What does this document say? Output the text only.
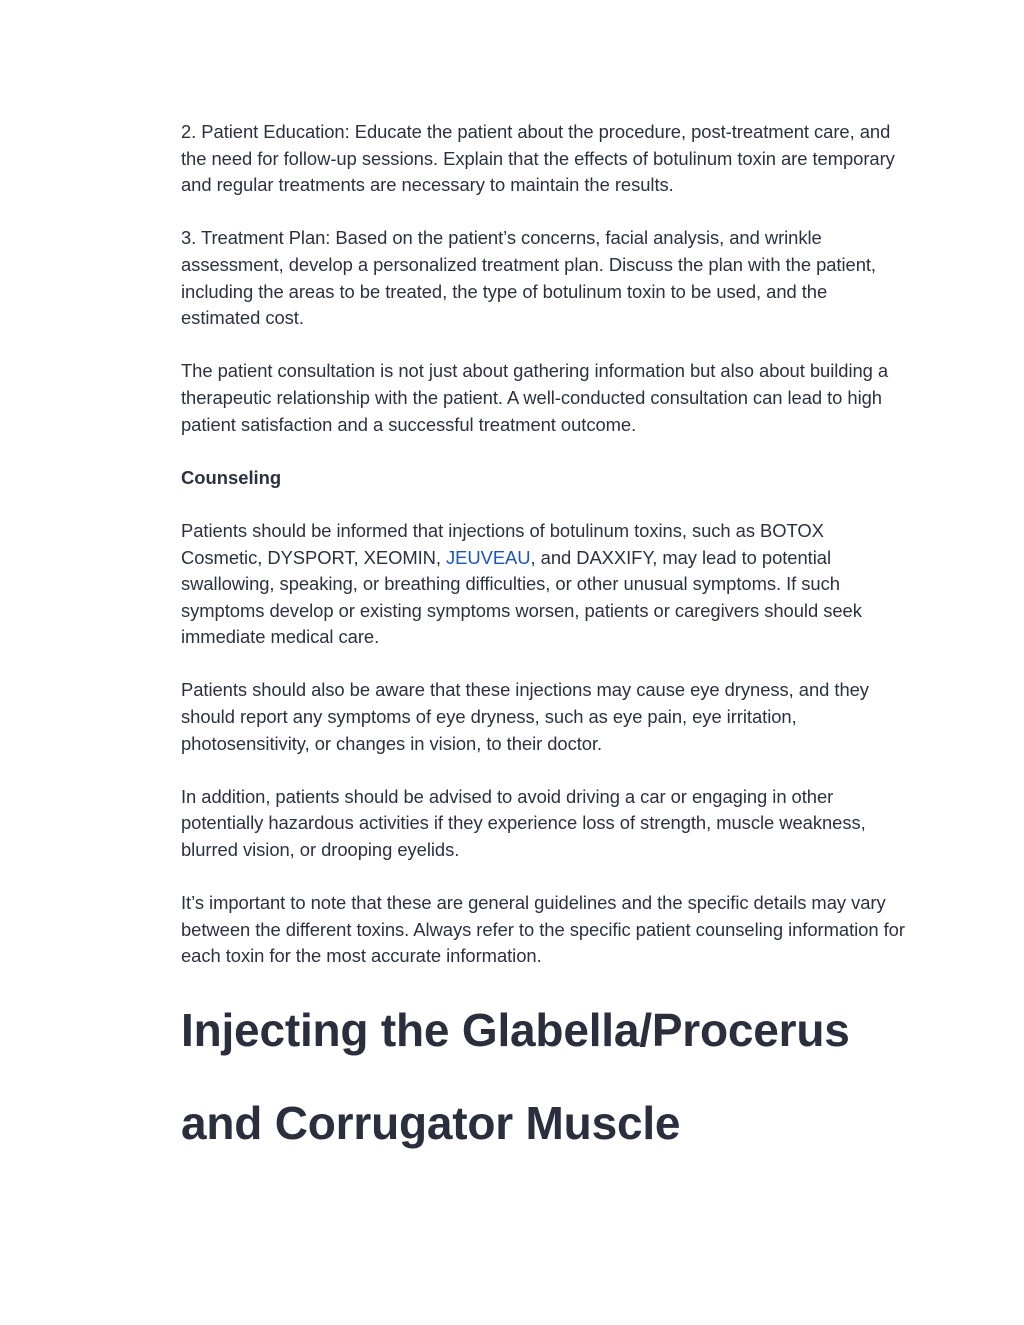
2. Patient Education: Educate the patient about the procedure, post-treatment care, and the need for follow-up sessions. Explain that the effects of botulinum toxin are temporary and regular treatments are necessary to maintain the results.

3. Treatment Plan: Based on the patient’s concerns, facial analysis, and wrinkle assessment, develop a personalized treatment plan. Discuss the plan with the patient, including the areas to be treated, the type of botulinum toxin to be used, and the estimated cost.

The patient consultation is not just about gathering information but also about building a therapeutic relationship with the patient. A well-conducted consultation can lead to high patient satisfaction and a successful treatment outcome.

Counseling

Patients should be informed that injections of botulinum toxins, such as BOTOX Cosmetic, DYSPORT, XEOMIN, JEUVEAU, and DAXXIFY, may lead to potential swallowing, speaking, or breathing difficulties, or other unusual symptoms. If such symptoms develop or existing symptoms worsen, patients or caregivers should seek immediate medical care.

Patients should also be aware that these injections may cause eye dryness, and they should report any symptoms of eye dryness, such as eye pain, eye irritation, photosensitivity, or changes in vision, to their doctor.

In addition, patients should be advised to avoid driving a car or engaging in other potentially hazardous activities if they experience loss of strength, muscle weakness, blurred vision, or drooping eyelids.

It’s important to note that these are general guidelines and the specific details may vary between the different toxins. Always refer to the specific patient counseling information for each toxin for the most accurate information.

Injecting the Glabella/Procerus and Corrugator Muscle
